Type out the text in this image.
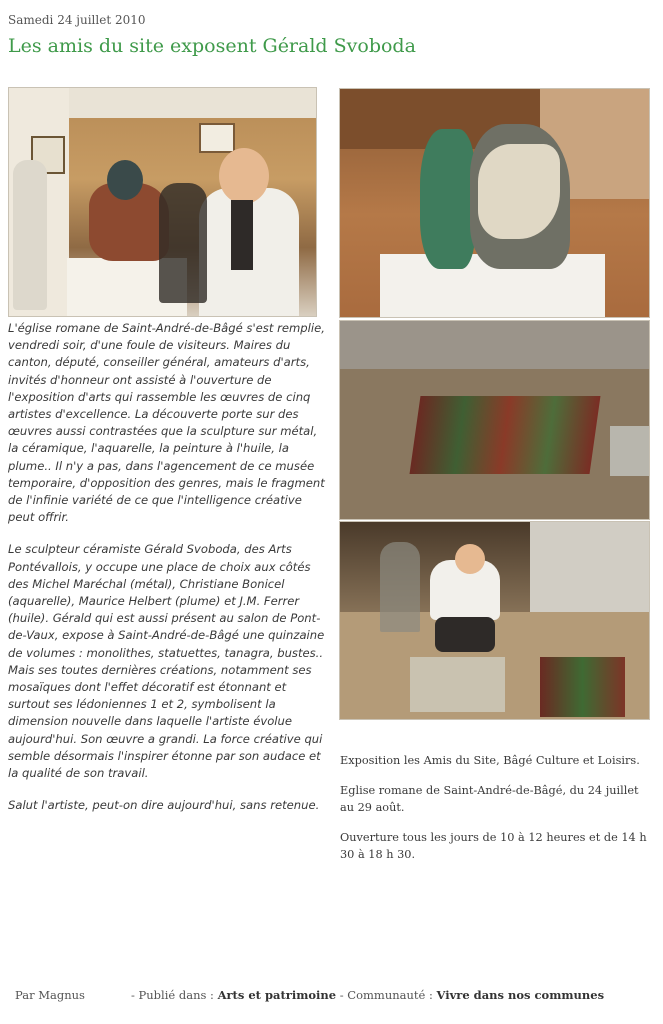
Samedi 24 juillet 2010
Les amis du site exposent Gérald Svoboda

L'église romane de Saint-André-de-Bâgé s'est remplie, vendredi soir, d'une foule de visiteurs. Maires du canton, député, conseiller général, amateurs d'arts, invités d'honneur ont assisté à l'ouverture de l'exposition d'arts qui rassemble les œuvres de cinq artistes d'excellence. La découverte porte sur des œuvres aussi contrastées que la sculpture sur métal, la céramique, l'aquarelle, la peinture à l'huile, la plume.. Il n'y a pas, dans l'agencement de ce musée temporaire, d'opposition des genres, mais le fragment de l'infinie variété de ce que l'intelligence créative peut offrir.

Le sculpteur céramiste Gérald Svoboda, des Arts Pontévallois, y occupe une place de choix aux côtés des Michel Maréchal (métal), Christiane Bonicel (aquarelle), Maurice Helbert (plume) et J.M. Ferrer (huile). Gérald qui est aussi présent au salon de Pont-de-Vaux, expose à Saint-André-de-Bâgé une quinzaine de volumes : monolithes, statuettes, tanagra, bustes.. Mais ses toutes dernières créations, notamment ses mosaïques dont l'effet décoratif est étonnant et surtout ses lédoniennes 1 et 2, symbolisent la dimension nouvelle dans laquelle l'artiste évolue aujourd'hui. Son œuvre a grandi. La force créative qui semble désormais l'inspirer étonne par son audace et la qualité de son travail.

Salut l'artiste, peut-on dire aujourd'hui, sans retenue.

Exposition les Amis du Site, Bâgé Culture et Loisirs.

Eglise romane de Saint-André-de-Bâgé, du 24 juillet au 29 août.

Ouverture tous les jours de 10 à 12 heures et de 14 h 30 à 18 h 30.

Par Magnus	- Publié dans : Arts et patrimoine - Communauté : Vivre dans nos communes
